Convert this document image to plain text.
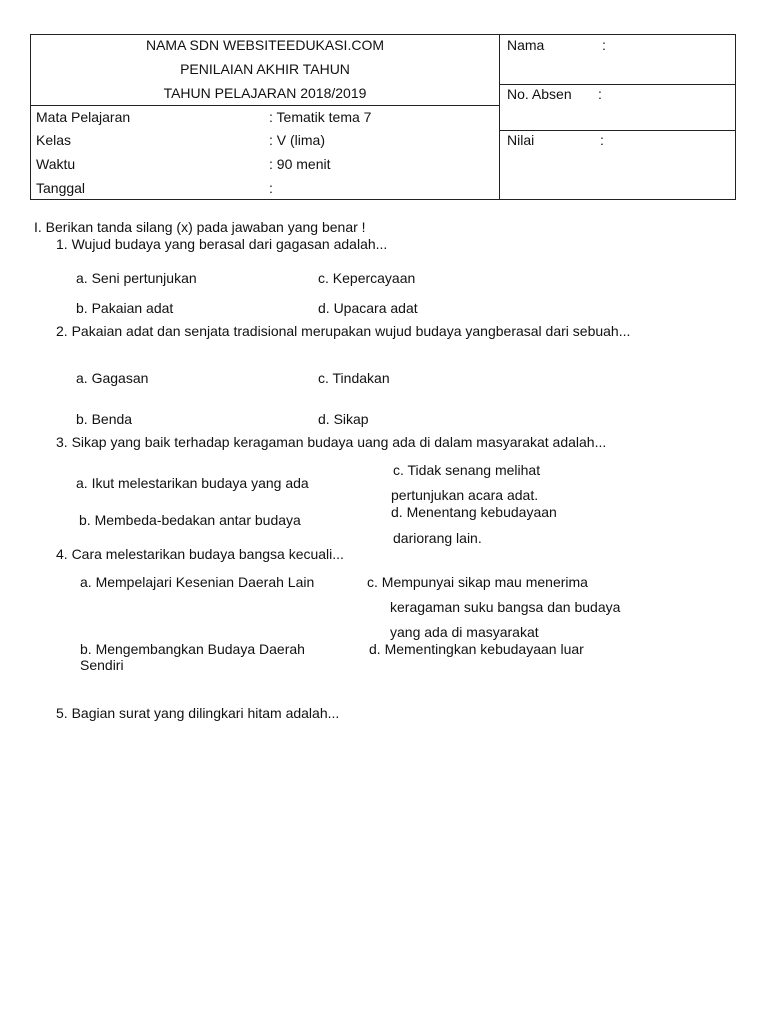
NAMA SDN WEBSITEEDUKASI.COM
PENILAIAN AKHIR TAHUN
TAHUN PELAJARAN 2018/2019
Mata Pelajaran	: Tematik tema 7
Kelas	: V (lima)
Waktu	: 90 menit
Tanggal	:
Nama	:
No. Absen :
Nilai	:
I. Berikan tanda silang (x) pada jawaban yang benar !
1. Wujud budaya yang berasal dari gagasan adalah...
a. Seni pertunjukan
b. Pakaian adat
c. Kepercayaan
d. Upacara adat
2. Pakaian adat dan senjata tradisional merupakan wujud budaya yangberasal dari sebuah...
a. Gagasan
b. Benda
c. Tindakan
d. Sikap
3. Sikap yang baik terhadap keragaman budaya uang ada di dalam masyarakat adalah...
a. Ikut melestarikan budaya yang ada
b. Membeda-bedakan antar budaya
c. Tidak senang melihat
pertunjukan acara adat.
d. Menentang kebudayaan
dariorang lain.
4. Cara melestarikan budaya bangsa kecuali...
a. Mempelajari Kesenian Daerah Lain	c. Mempunyai sikap mau menerima
keragaman suku bangsa dan budaya
yang ada di masyarakat
b. Mengembangkan Budaya Daerah
Sendiri
d. Mementingkan kebudayaan luar
5. Bagian surat yang dilingkari hitam adalah...
